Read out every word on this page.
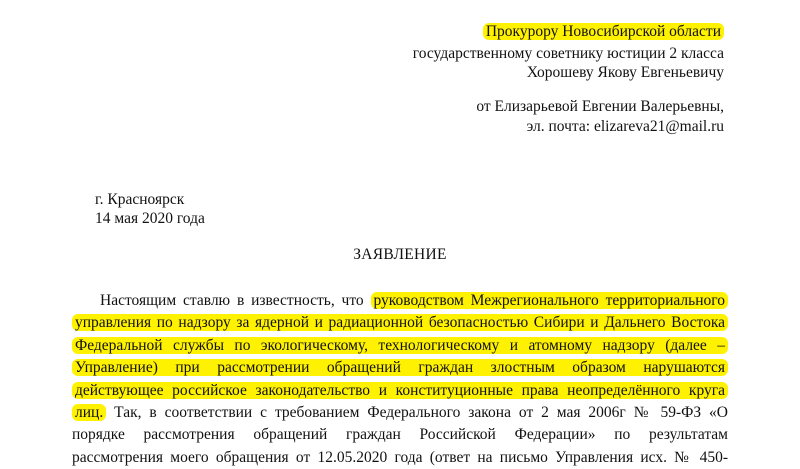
Прокурору Новосибирской области
государственному советнику юстиции 2 класса
Хорошеву Якову Евгеньевичу
от Елизарьевой Евгении Валерьевны,
эл. почта: elizareva21@mail.ru
г. Красноярск
14 мая 2020 года
ЗАЯВЛЕНИЕ
Настоящим ставлю в известность, что руководством Межрегионального территориального
управления по надзору за ядерной и радиационной безопасностью Сибири и Дальнего Востока
Федеральной службы по экологическому, технологическому и атомному надзору (далее –
Управление) при рассмотрении обращений граждан злостным образом нарушаются
действующее российское законодательство и конституционные права неопределённого круга
лиц. Так, в соответствии с требованием Федерального закона от 2 мая 2006г № 59-ФЗ «О
порядке рассмотрения обращений граждан Российской Федерации» по результатам
рассмотрения моего обращения от 12.05.2020 года (ответ на письмо Управления исх. № 450-
